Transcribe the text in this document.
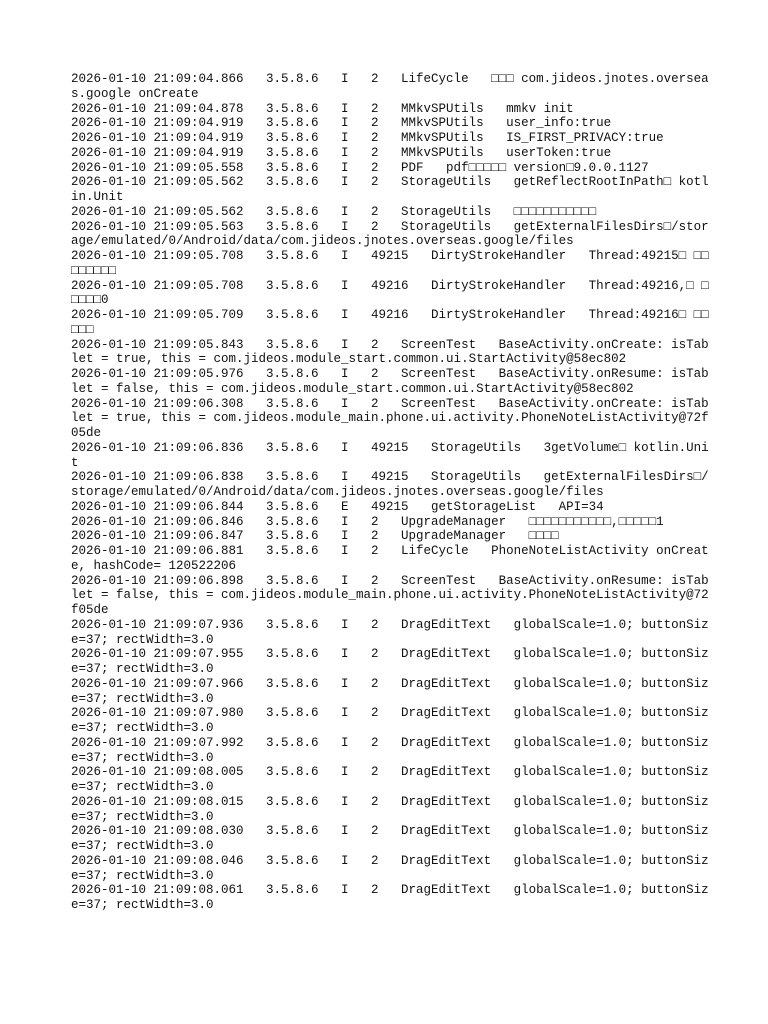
2026-01-10 21:09:04.866   3.5.8.6   I   2   LifeCycle   □□□ com.jideos.jnotes.overseas.google onCreate
2026-01-10 21:09:04.878   3.5.8.6   I   2   MMkvSPUtils   mmkv init
2026-01-10 21:09:04.919   3.5.8.6   I   2   MMkvSPUtils   user_info:true
2026-01-10 21:09:04.919   3.5.8.6   I   2   MMkvSPUtils   IS_FIRST_PRIVACY:true
2026-01-10 21:09:04.919   3.5.8.6   I   2   MMkvSPUtils   userToken:true
2026-01-10 21:09:05.558   3.5.8.6   I   2   PDF   pdf□□□□□ version□9.0.0.1127
2026-01-10 21:09:05.562   3.5.8.6   I   2   StorageUtils   getReflectRootInPath□ kotlin.Unit
2026-01-10 21:09:05.562   3.5.8.6   I   2   StorageUtils   □□□□□□□□□□□
2026-01-10 21:09:05.563   3.5.8.6   I   2   StorageUtils   getExternalFilesDirs□/storage/emulated/0/Android/data/com.jideos.jnotes.overseas.google/files
2026-01-10 21:09:05.708   3.5.8.6   I   49215   DirtyStrokeHandler   Thread:49215□ □□□□□□□□
2026-01-10 21:09:05.708   3.5.8.6   I   49216   DirtyStrokeHandler   Thread:49216,□ □□□□□0
2026-01-10 21:09:05.709   3.5.8.6   I   49216   DirtyStrokeHandler   Thread:49216□ □□□□□
2026-01-10 21:09:05.843   3.5.8.6   I   2   ScreenTest   BaseActivity.onCreate: isTablet = true, this = com.jideos.module_start.common.ui.StartActivity@58ec802
2026-01-10 21:09:05.976   3.5.8.6   I   2   ScreenTest   BaseActivity.onResume: isTablet = false, this = com.jideos.module_start.common.ui.StartActivity@58ec802
2026-01-10 21:09:06.308   3.5.8.6   I   2   ScreenTest   BaseActivity.onCreate: isTablet = true, this = com.jideos.module_main.phone.ui.activity.PhoneNoteListActivity@72f05de
2026-01-10 21:09:06.836   3.5.8.6   I   49215   StorageUtils   3getVolume□ kotlin.Unit
2026-01-10 21:09:06.838   3.5.8.6   I   49215   StorageUtils   getExternalFilesDirs□/storage/emulated/0/Android/data/com.jideos.jnotes.overseas.google/files
2026-01-10 21:09:06.844   3.5.8.6   E   49215   getStorageList   API=34
2026-01-10 21:09:06.846   3.5.8.6   I   2   UpgradeManager   □□□□□□□□□□□,□□□□□1
2026-01-10 21:09:06.847   3.5.8.6   I   2   UpgradeManager   □□□□
2026-01-10 21:09:06.881   3.5.8.6   I   2   LifeCycle   PhoneNoteListActivity onCreate, hashCode= 120522206
2026-01-10 21:09:06.898   3.5.8.6   I   2   ScreenTest   BaseActivity.onResume: isTablet = false, this = com.jideos.module_main.phone.ui.activity.PhoneNoteListActivity@72f05de
2026-01-10 21:09:07.936   3.5.8.6   I   2   DragEditText   globalScale=1.0; buttonSize=37; rectWidth=3.0
2026-01-10 21:09:07.955   3.5.8.6   I   2   DragEditText   globalScale=1.0; buttonSize=37; rectWidth=3.0
2026-01-10 21:09:07.966   3.5.8.6   I   2   DragEditText   globalScale=1.0; buttonSize=37; rectWidth=3.0
2026-01-10 21:09:07.980   3.5.8.6   I   2   DragEditText   globalScale=1.0; buttonSize=37; rectWidth=3.0
2026-01-10 21:09:07.992   3.5.8.6   I   2   DragEditText   globalScale=1.0; buttonSize=37; rectWidth=3.0
2026-01-10 21:09:08.005   3.5.8.6   I   2   DragEditText   globalScale=1.0; buttonSize=37; rectWidth=3.0
2026-01-10 21:09:08.015   3.5.8.6   I   2   DragEditText   globalScale=1.0; buttonSize=37; rectWidth=3.0
2026-01-10 21:09:08.030   3.5.8.6   I   2   DragEditText   globalScale=1.0; buttonSize=37; rectWidth=3.0
2026-01-10 21:09:08.046   3.5.8.6   I   2   DragEditText   globalScale=1.0; buttonSize=37; rectWidth=3.0
2026-01-10 21:09:08.061   3.5.8.6   I   2   DragEditText   globalScale=1.0; buttonSize=37; rectWidth=3.0
